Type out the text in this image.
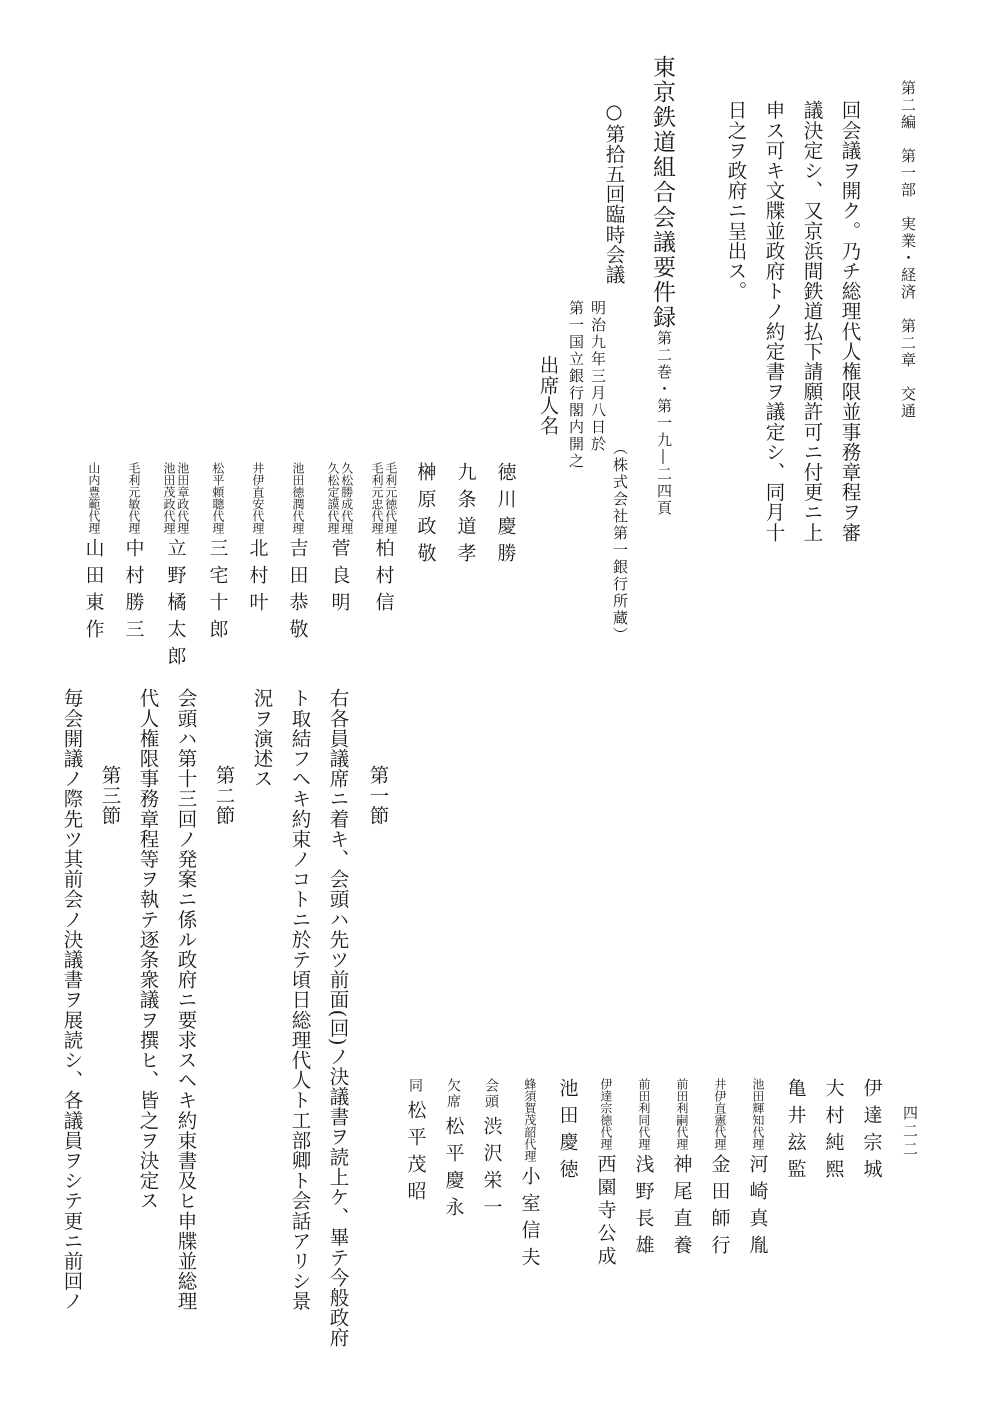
第二編　第一部　実業・経済　第二章　交通
四二二
回会議ヲ開ク。乃チ総理代人権限並事務章程ヲ審
議決定シ、又京浜間鉄道払下請願許可ニ付更ニ上
申ス可キ文牒並政府トノ約定書ヲ議定シ、同月十
日之ヲ政府ニ呈出ス。
東京鉄道組合会議要件録
第二巻・第一九―二四頁
（株式会社第一銀行所蔵）
○第拾五回臨時会議
明治九年三月八日於
第一国立銀行閣内開之
出席人名
徳川慶勝
九条道孝
榊原政敬
毛利元徳代理
毛利元忠代理
柏村信
久松勝成代理
久松定謨代理
菅良明
池田徳潤代理
吉田恭敬
井伊直安代理
北村叶
松平頼聰代理
三宅十郎
池田章政代理
池田茂政代理
立野橘太郎
毛利元敏代理
中村勝三
山内豊範代理
山田東作
伊達宗城
大村純熙
亀井玆監
池田輝知代理
河崎真胤
井伊直憲代理
金田師行
前田利嗣代理
神尾直養
前田利同代理
浅野長雄
伊達宗徳代理
西園寺公成
池田慶徳
蜂須賀茂韶代理
小室信夫
会頭
渋沢栄一
欠席
松平慶永
同
松平茂昭
第一節
右各員議席ニ着キ、会頭ハ先ツ前面(回)ノ決議書ヲ読上ケ、畢テ今般政府
ト取結フヘキ約束ノコトニ於テ頃日総理代人ト工部卿ト会話アリシ景
況ヲ演述ス
第二節
会頭ハ第十三回ノ発案ニ係ル政府ニ要求スヘキ約束書及ヒ申牒並総理
代人権限事務章程等ヲ執テ逐条衆議ヲ撰ヒ、皆之ヲ決定ス
第三節
毎会開議ノ際先ツ其前会ノ決議書ヲ展読シ、各議員ヲシテ更ニ前回ノ
